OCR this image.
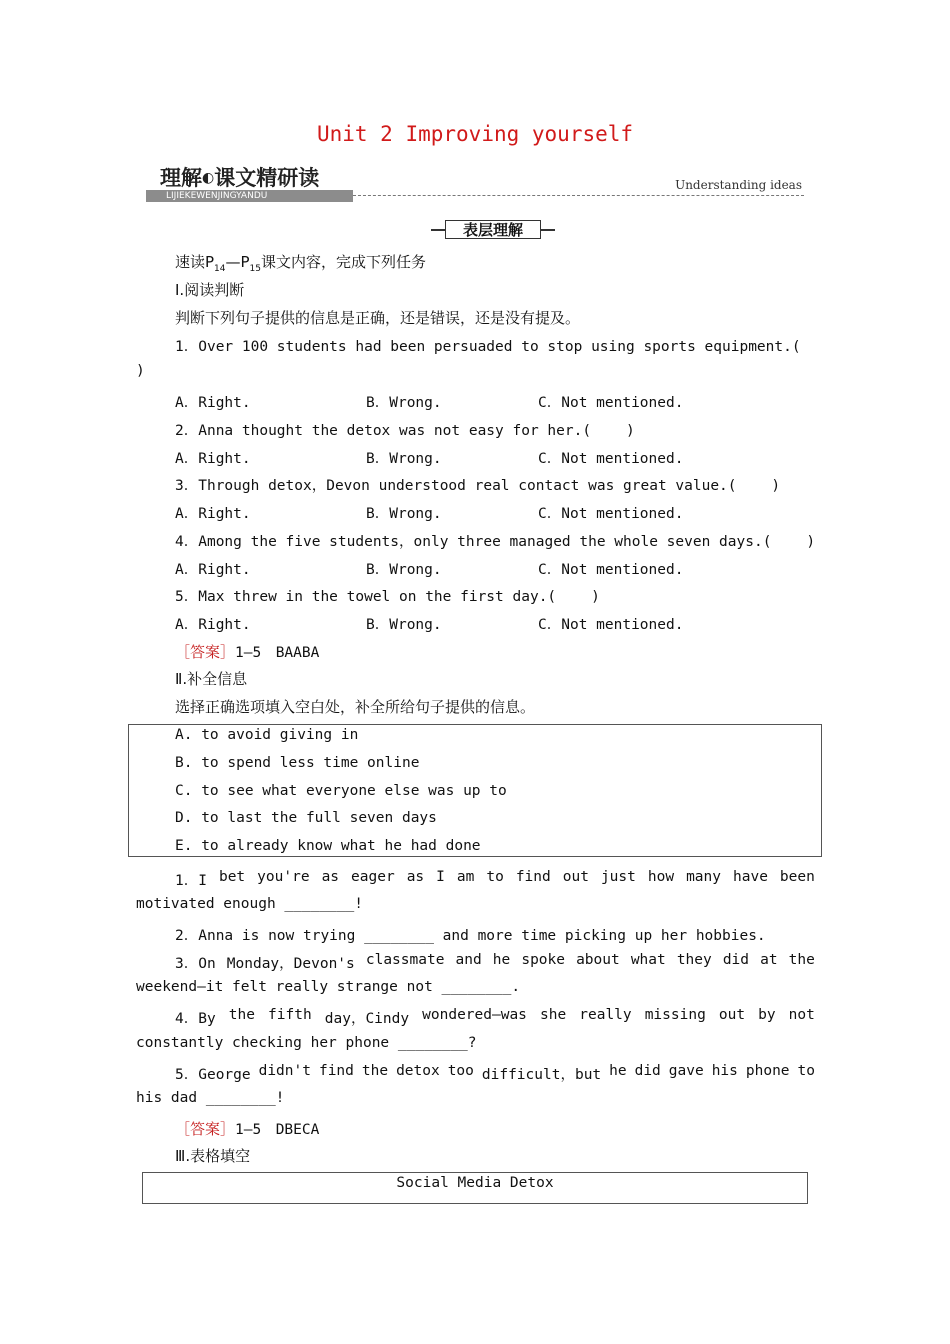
Unit 2 Improving yourself
理解◐课文精研读
LIJIEKEWENJINGYANDU
Understanding ideas
表层理解
速读$P_{14}—P_{15}$课文内容，完成下列任务
Ⅰ.阅读判断
判断下列句子提供的信息是正确，还是错误，还是没有提及。
1．Over 100 students had been persuaded to stop using sports equipment.(
)
A．Right.	B．Wrong.	C．Not mentioned.
2．Anna thought the detox was not easy for her.(    )
A．Right.	B．Wrong.	C．Not mentioned.
3．Through detox，Devon understood real contact was great value.(    )
A．Right.	B．Wrong.	C．Not mentioned.
4．Among the five students，only three managed the whole seven days.(    )
A．Right.	B．Wrong.	C．Not mentioned.
5．Max threw in the towel on the first day.(    )
A．Right.	B．Wrong.	C．Not mentioned.
［答案］1—5　BAABA
Ⅱ.补全信息
选择正确选项填入空白处，补全所给句子提供的信息。
A. to avoid giving in
B. to spend less time online
C. to see what everyone else was up to
D. to last the full seven days
E. to already know what he had done
1．I bet you're as eager as I am to find out just how many have been
motivated enough ________!
2．Anna is now trying ________ and more time picking up her hobbies.
3．On Monday，Devon's classmate and he spoke about what they did at the
weekend—it felt really strange not ________.
4．By the fifth day，Cindy wondered—was she really missing out by not
constantly checking her phone ________?
5．George didn't find the detox too difficult，but he did gave his phone to
his dad ________!
［答案］1—5　DBECA
Ⅲ.表格填空
Social Media Detox
